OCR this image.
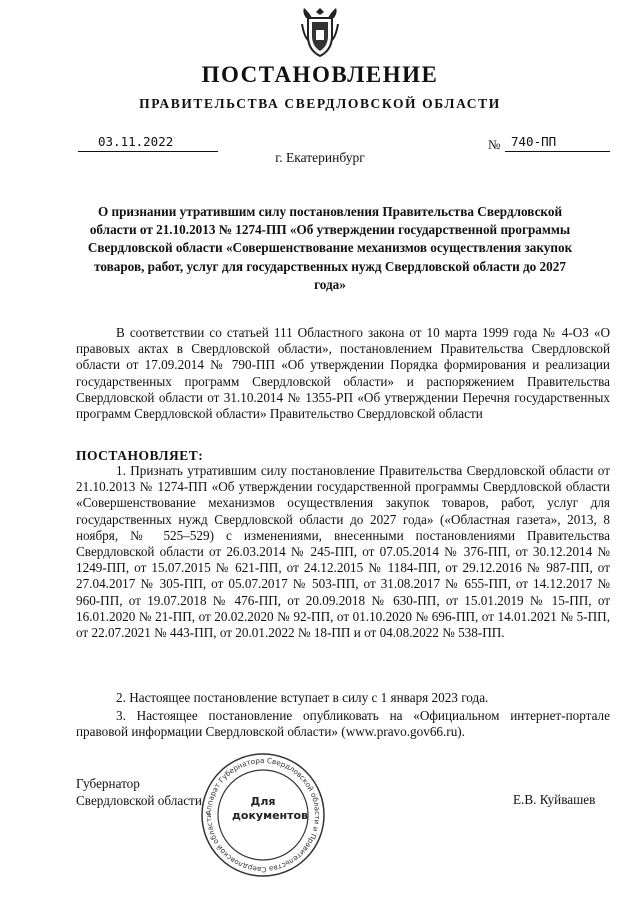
ПОСТАНОВЛЕНИЕ
ПРАВИТЕЛЬСТВА СВЕРДЛОВСКОЙ ОБЛАСТИ
03.11.2022	№ 740-ПП
г. Екатеринбург
О признании утратившим силу постановления Правительства Свердловской области от 21.10.2013 № 1274-ПП «Об утверждении государственной программы Свердловской области «Совершенствование механизмов осуществления закупок товаров, работ, услуг для государственных нужд Свердловской области до 2027 года»
В соответствии со статьей 111 Областного закона от 10 марта 1999 года № 4-ОЗ «О правовых актах в Свердловской области», постановлением Правительства Свердловской области от 17.09.2014 № 790-ПП «Об утверждении Порядка формирования и реализации государственных программ Свердловской области» и распоряжением Правительства Свердловской области от 31.10.2014 № 1355-РП «Об утверждении Перечня государственных программ Свердловской области» Правительство Свердловской области
ПОСТАНОВЛЯЕТ:
1. Признать утратившим силу постановление Правительства Свердловской области от 21.10.2013 № 1274-ПП «Об утверждении государственной программы Свердловской области «Совершенствование механизмов осуществления закупок товаров, работ, услуг для государственных нужд Свердловской области до 2027 года» («Областная газета», 2013, 8 ноября, № 525–529) с изменениями, внесенными постановлениями Правительства Свердловской области от 26.03.2014 № 245-ПП, от 07.05.2014 № 376-ПП, от 30.12.2014 № 1249-ПП, от 15.07.2015 № 621-ПП, от 24.12.2015 № 1184-ПП, от 29.12.2016 № 987-ПП, от 27.04.2017 № 305-ПП, от 05.07.2017 № 503-ПП, от 31.08.2017 № 655-ПП, от 14.12.2017 № 960-ПП, от 19.07.2018 № 476-ПП, от 20.09.2018 № 630-ПП, от 15.01.2019 № 15-ПП, от 16.01.2020 № 21-ПП, от 20.02.2020 № 92-ПП, от 01.10.2020 № 696-ПП, от 14.01.2021 № 5-ПП, от 22.07.2021 № 443-ПП, от 20.01.2022 № 18-ПП и от 04.08.2022 № 538-ПП.
2. Настоящее постановление вступает в силу с 1 января 2023 года.
3. Настоящее постановление опубликовать на «Официальном интернет-портале правовой информации Свердловской области» (www.pravo.gov66.ru).
Губернатор
Свердловской области	Е.В. Куйвашев
Аппарат Губернатора Свердловской области и Правительства Свердловской области
Для
документов
